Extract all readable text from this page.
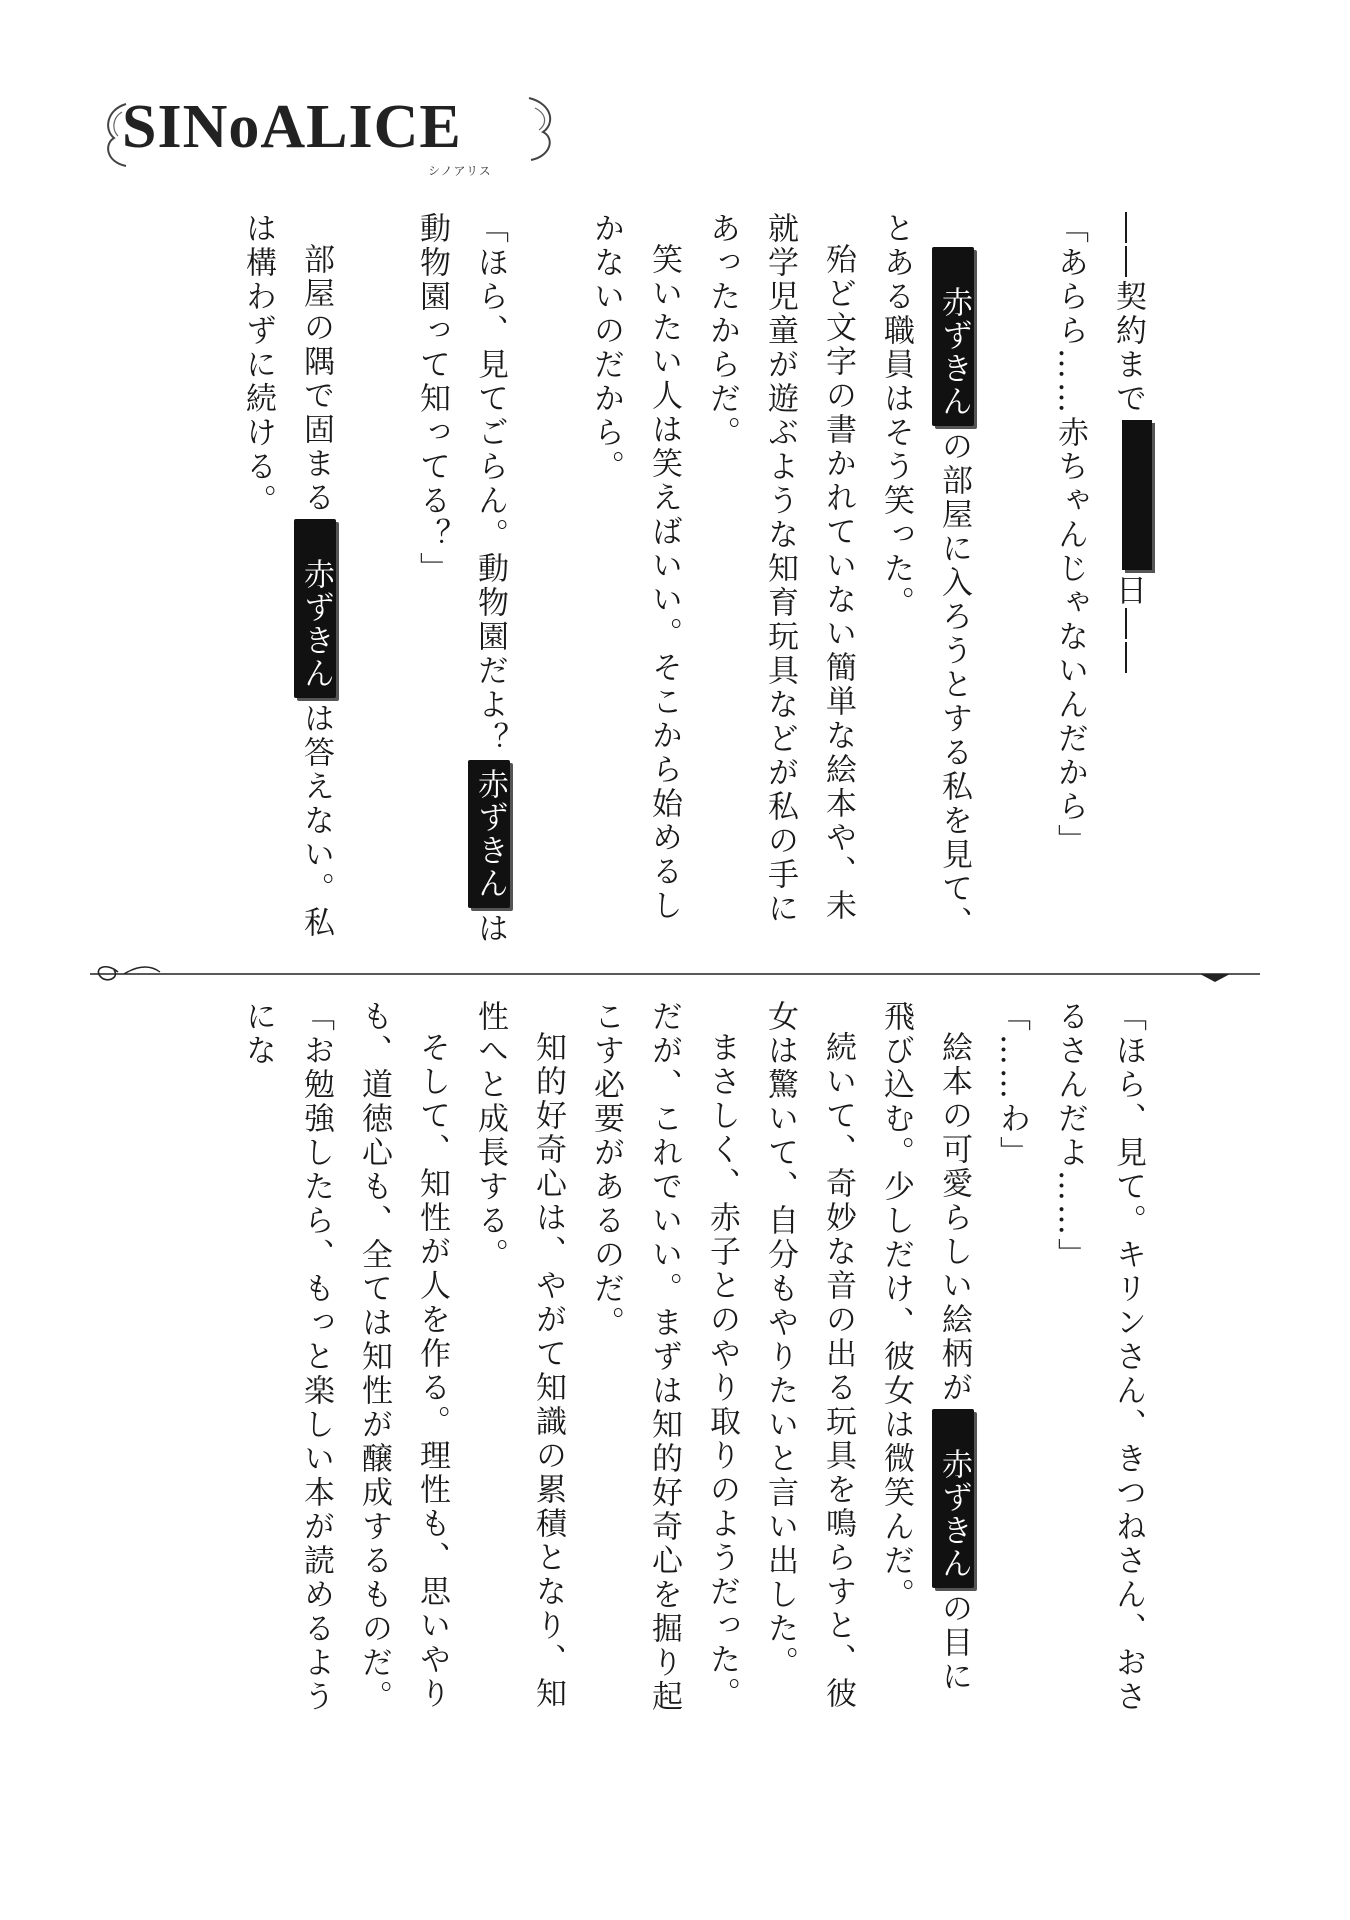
SINoALICE
シノアリス
――契約まで日――
「あらら……赤ちゃんじゃないんだから」
赤ずきんの部屋に入ろうとする私を見て、とある職員はそう笑った。
殆ど文字の書かれていない簡単な絵本や、未就学児童が遊ぶような知育玩具などが私の手にあったからだ。
笑いたい人は笑えばいい。そこから始めるしかないのだから。
「ほら、見てごらん。動物園だよ？赤ずきんは動物園って知ってる？」
部屋の隅で固まる赤ずきんは答えない。私は構わずに続ける。
「ほら、見て。キリンさん、きつねさん、おさるさんだよ……」
「……わ」
絵本の可愛らしい絵柄が赤ずきんの目に飛び込む。少しだけ、彼女は微笑んだ。
続いて、奇妙な音の出る玩具を鳴らすと、彼女は驚いて、自分もやりたいと言い出した。
まさしく、赤子とのやり取りのようだった。だが、これでいい。まずは知的好奇心を掘り起こす必要があるのだ。
知的好奇心は、やがて知識の累積となり、知性へと成長する。
そして、知性が人を作る。理性も、思いやりも、道徳心も、全ては知性が醸成するものだ。
「お勉強したら、もっと楽しい本が読めるようにな
